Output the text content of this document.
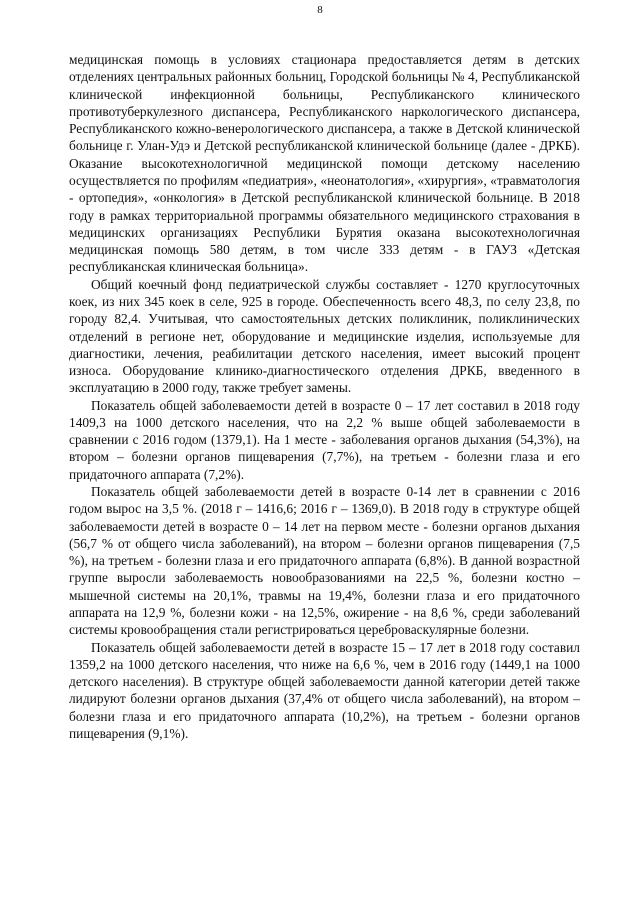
8

медицинская помощь в условиях стационара предоставляется детям в детских отделениях центральных районных больниц, Городской больницы № 4, Республиканской клинической инфекционной больницы, Республиканского клинического противотуберкулезного диспансера, Республиканского наркологического диспансера, Республиканского кожно-венерологического диспансера, а также в Детской клинической больнице г. Улан-Удэ и Детской республиканской клинической больнице (далее - ДРКБ). Оказание высокотехнологичной медицинской помощи детскому населению осуществляется по профилям «педиатрия», «неонатология», «хирургия», «травматология - ортопедия», «онкология» в Детской республиканской клинической больнице. В 2018 году в рамках территориальной программы обязательного медицинского страхования в медицинских организациях Республики Бурятия оказана высокотехнологичная медицинская помощь 580 детям, в том числе 333 детям - в ГАУЗ «Детская республиканская клиническая больница».

Общий коечный фонд педиатрической службы составляет - 1270 круглосуточных коек, из них 345 коек в селе, 925 в городе. Обеспеченность всего 48,3, по селу 23,8, по городу 82,4. Учитывая, что самостоятельных детских поликлиник, поликлинических отделений в регионе нет, оборудование и медицинские изделия, используемые для диагностики, лечения, реабилитации детского населения, имеет высокий процент износа. Оборудование клинико-диагностического отделения ДРКБ, введенного в эксплуатацию в 2000 году, также требует замены.

Показатель общей заболеваемости детей в возрасте 0 – 17 лет составил в 2018 году 1409,3 на 1000 детского населения, что на 2,2 % выше общей заболеваемости в сравнении с 2016 годом (1379,1). На 1 месте - заболевания органов дыхания (54,3%), на втором – болезни органов пищеварения (7,7%), на третьем - болезни глаза и его придаточного аппарата (7,2%).

Показатель общей заболеваемости детей в возрасте 0-14 лет в сравнении с 2016 годом вырос на 3,5 %. (2018 г – 1416,6; 2016 г – 1369,0). В 2018 году в структуре общей заболеваемости детей в возрасте 0 – 14 лет на первом месте - болезни органов дыхания (56,7 % от общего числа заболеваний), на втором – болезни органов пищеварения (7,5 %), на третьем - болезни глаза и его придаточного аппарата (6,8%). В данной возрастной группе выросли заболеваемость новообразованиями на 22,5 %, болезни костно – мышечной системы на 20,1%, травмы на 19,4%, болезни глаза и его придаточного аппарата на 12,9 %, болезни кожи - на 12,5%, ожирение - на 8,6 %, среди заболеваний системы кровообращения стали регистрироваться цереброваскулярные болезни.

Показатель общей заболеваемости детей в возрасте 15 – 17 лет в 2018 году составил 1359,2 на 1000 детского населения, что ниже на 6,6 %, чем в 2016 году (1449,1 на 1000 детского населения). В структуре общей заболеваемости данной категории детей также лидируют болезни органов дыхания (37,4% от общего числа заболеваний), на втором – болезни глаза и его придаточного аппарата (10,2%), на третьем - болезни органов пищеварения (9,1%).
